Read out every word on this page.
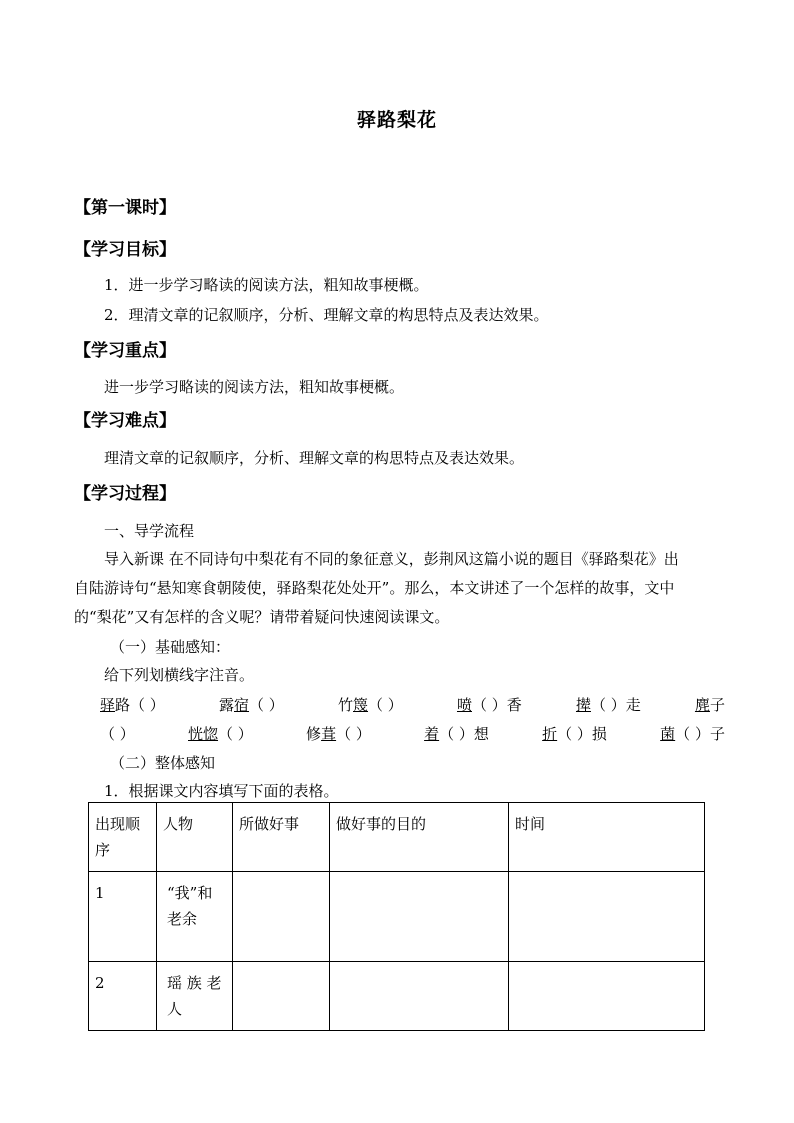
驿路梨花
【第一课时】
【学习目标】
1．进一步学习略读的阅读方法，粗知故事梗概。
2．理清文章的记叙顺序，分析、理解文章的构思特点及表达效果。
【学习重点】
进一步学习略读的阅读方法，粗知故事梗概。
【学习难点】
理清文章的记叙顺序，分析、理解文章的构思特点及表达效果。
【学习过程】
一、导学流程
导入新课 在不同诗句中梨花有不同的象征意义，彭荆风这篇小说的题目《驿路梨花》出
自陆游诗句“悬知寒食朝陵使，驿路梨花处处开”。那么，本文讲述了一个怎样的故事，文中
的“梨花”又有怎样的含义呢？请带着疑问快速阅读课文。
（一）基础感知：
给下列划横线字注音。
驿路（ ）	露宿（ ）	竹篾（ ）	喷（ ）香	撵（ ）走	麂子
（ ）	恍惚（ ）	修葺（ ）	着（ ）想	折（ ）损	菌（ ）子
（二）整体感知
1．根据课文内容填写下面的表格。
出现顺序	人物	所做好事	做好事的目的	时间
1	“我”和老余			
2	瑶 族 老 人			
